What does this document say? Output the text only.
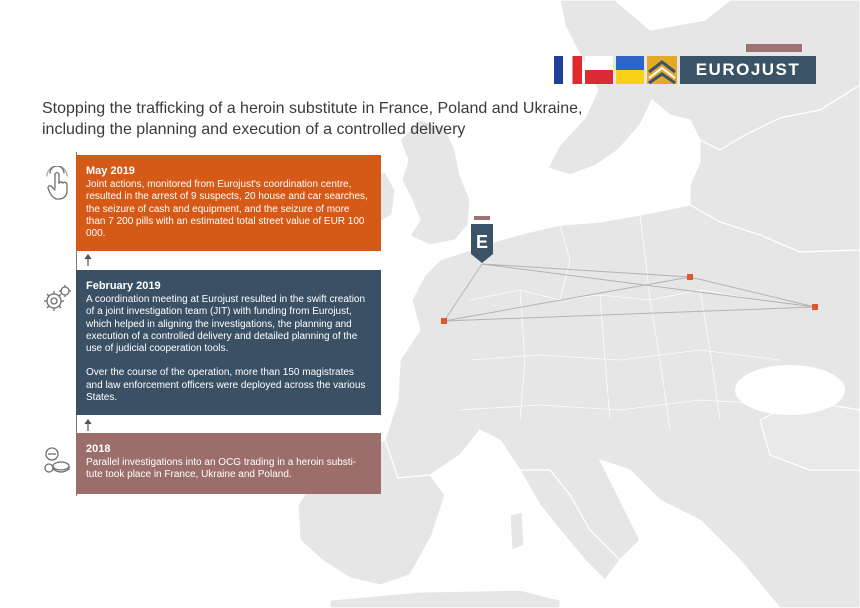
E
EUROJUST
Stopping the trafficking of a heroin substitute in France, Poland and Ukraine, including the planning and execution of a controlled delivery
May 2019

Joint actions, monitored from Eurojust's coordination centre, resulted in the arrest of 9 suspects, 20 house and car searches, the seizure of cash and equipment, and the seizure of more than 7 200 pills with an estimated total street value of EUR 100 000.

February 2019

A coordination meeting at Eurojust resulted in the swift creation of a joint investigation team (JIT) with funding from Eurojust, which helped in aligning the investigations, the planning and execution of a controlled delivery and detailed planning of the use of judicial cooperation tools.

Over the course of the operation, more than 150 magistrates and law enforcement officers were deployed across the various States.

2018

Parallel investigations into an OCG trading in a heroin substi-tute took place in France, Ukraine and Poland.
